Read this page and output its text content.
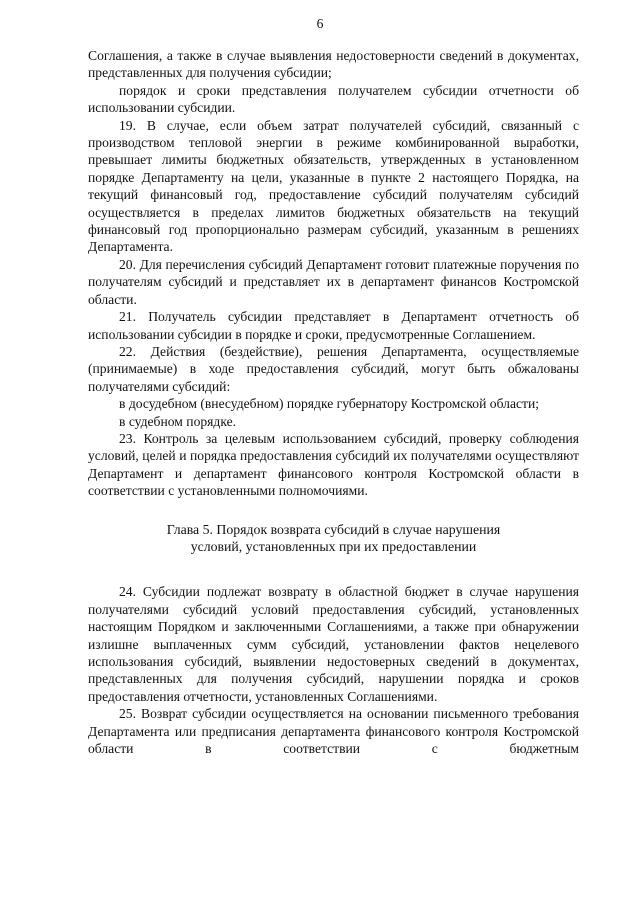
6

Соглашения, а также в случае выявления недостоверности сведений в документах, представленных для получения субсидии;

порядок и сроки представления получателем субсидии отчетности об использовании субсидии.

19. В случае, если объем затрат получателей субсидий, связанный с производством тепловой энергии в режиме комбинированной выработки, превышает лимиты бюджетных обязательств, утвержденных в установленном порядке Департаменту на цели, указанные в пункте 2 настоящего Порядка, на текущий финансовый год, предоставление субсидий получателям субсидий осуществляется в пределах лимитов бюджетных обязательств на текущий финансовый год пропорционально размерам субсидий, указанным в решениях Департамента.

20. Для перечисления субсидий Департамент готовит платежные поручения по получателям субсидий и представляет их в департамент финансов Костромской области.

21. Получатель субсидии представляет в Департамент отчетность об использовании субсидии в порядке и сроки, предусмотренные Соглашением.

22. Действия (бездействие), решения Департамента, осуществляемые (принимаемые) в ходе предоставления субсидий, могут быть обжалованы получателями субсидий:

в досудебном (внесудебном) порядке губернатору Костромской области;

в судебном порядке.

23. Контроль за целевым использованием субсидий, проверку соблюдения условий, целей и порядка предоставления субсидий их получателями осуществляют Департамент и департамент финансового контроля Костромской области в соответствии с установленными полномочиями.

Глава 5. Порядок возврата субсидий в случае нарушения
условий, установленных при их предоставлении

24. Субсидии подлежат возврату в областной бюджет в случае нарушения получателями субсидий условий предоставления субсидий, установленных настоящим Порядком и заключенными Соглашениями, а также при обнаружении излишне выплаченных сумм субсидий, установлении фактов нецелевого использования субсидий, выявлении недостоверных сведений в документах, представленных для получения субсидий, нарушении порядка и сроков предоставления отчетности, установленных Соглашениями.

25. Возврат субсидии осуществляется на основании письменного требования Департамента или предписания департамента финансового контроля Костромской области в соответствии с бюджетным
